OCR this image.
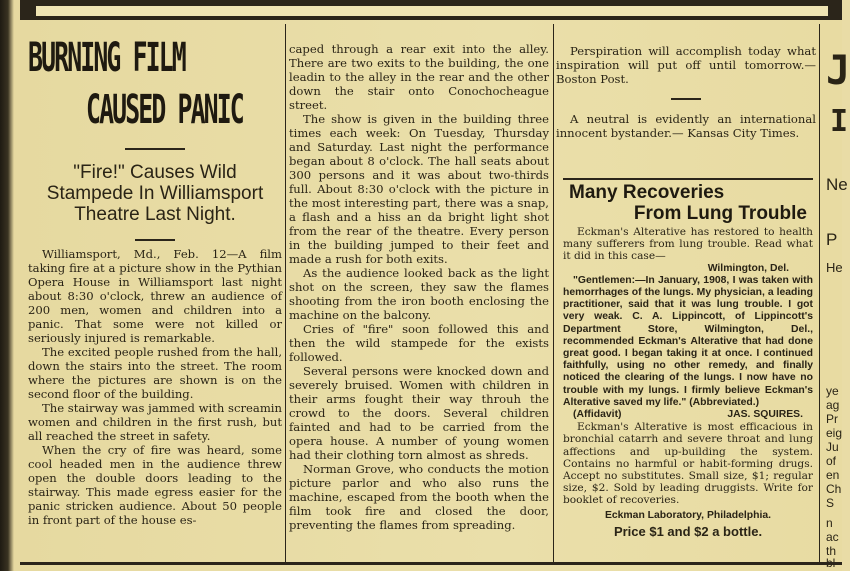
BURNING FILM
CAUSED PANIC
"Fire!" Causes Wild Stampede In Williamsport Theatre Last Night.

Williamsport, Md., Feb. 12—A film taking fire at a picture show in the Pythian Opera House in Williamsport last night about 8:30 o'clock, threw an audience of 200 men, women and children into a panic. That some were not killed or seriously injured is remarkable.

The excited people rushed from the hall, down the stairs into the street. The room where the pictures are shown is on the second floor of the building.

The stairway was jammed with screamin women and children in the first rush, but all reached the street in safety.

When the cry of fire was heard, some cool headed men in the audience threw open the double doors leading to the stairway. This made egress easier for the panic stricken audience. About 50 people in front part of the house es-

caped through a rear exit into the alley. There are two exits to the building, the one leadin to the alley in the rear and the other down the stair onto Conochocheague street.

The show is given in the building three times each week: On Tuesday, Thursday and Saturday. Last night the performance began about 8 o'clock. The hall seats about 300 persons and it was about two-thirds full. About 8:30 o'clock with the picture in the most interesting part, there was a snap, a flash and a hiss an da bright light shot from the rear of the theatre. Every person in the building jumped to their feet and made a rush for both exits.

As the audience looked back as the light shot on the screen, they saw the flames shooting from the iron booth enclosing the machine on the balcony.

Cries of "fire" soon followed this and then the wild stampede for the exists followed.

Several persons were knocked down and severely bruised. Women with children in their arms fought their way throuh the crowd to the doors. Several children fainted and had to be carried from the opera house. A number of young women had their clothing torn almost as shreds.

Norman Grove, who conducts the motion picture parlor and who also runs the machine, escaped from the booth when the film took fire and closed the door, preventing the flames from spreading.

Perspiration will accomplish today what inspiration will put off until tomorrow.—Boston Post.

A neutral is evidently an international innocent bystander.— Kansas City Times.

Many Recoveries
From Lung Trouble
Eckman's Alterative has restored to health many sufferers from lung trouble. Read what it did in this case—
Wilmington, Del.
"Gentlemen:—In January, 1908, I was taken with hemorrhages of the lungs. My physician, a leading practitioner, said that it was lung trouble. I got very weak. C. A. Lippincott, of Lippincott's Department Store, Wilmington, Del., recommended Eckman's Alterative that had done great good. I began taking it at once. I continued faithfully, using no other remedy, and finally noticed the clearing of the lungs. I now have no trouble with my lungs. I firmly believe Eckman's Alterative saved my life." (Abbreviated.)
(Affidavit)	JAS. SQUIRES.
Eckman's Alterative is most efficacious in bronchial catarrh and severe throat and lung affections and up-building the system. Contains no harmful or habit-forming drugs. Accept no substitutes. Small size, $1; regular size, $2. Sold by leading druggists. Write for booklet of recoveries.
Eckman Laboratory, Philadelphia.
Price $1 and $2 a bottle.
J
I
Ne
P
He
ye
ag
Pr
eig
Ju
of
en
Ch
S
n
ac
th
